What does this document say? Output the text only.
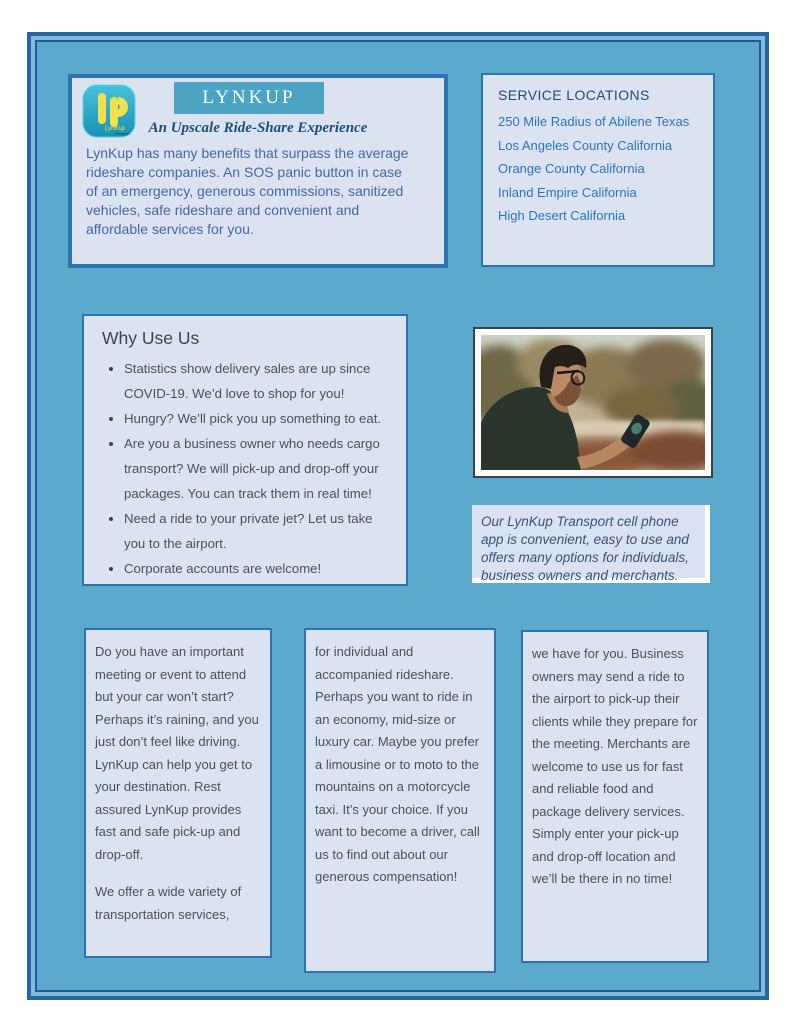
LynKup
Transport
LYNKUP
An Upscale Ride-Share Experience

LynKup has many benefits that surpass the average rideshare companies. An SOS panic button in case of an emergency, generous commissions, sanitized vehicles, safe rideshare and convenient and affordable services for you.

SERVICE LOCATIONS
250 Mile Radius of Abilene Texas
Los Angeles County California
Orange County California
Inland Empire California
High Desert California
Why Use Us
• Statistics show delivery sales are up since COVID-19. We’d love to shop for you!
• Hungry? We’ll pick you up something to eat.
• Are you a business owner who needs cargo transport? We will pick-up and drop-off your packages. You can track them in real time!
• Need a ride to your private jet? Let us take you to the airport.
• Corporate accounts are welcome!

Our LynKup Transport cell phone app is convenient, easy to use and offers many options for individuals, business owners and merchants.

Do you have an important meeting or event to attend but your car won’t start? Perhaps it’s raining, and you just don’t feel like driving. LynKup can help you get to your destination. Rest assured LynKup provides fast and safe pick-up and drop-off.

We offer a wide variety of transportation services,

for individual and accompanied rideshare. Perhaps you want to ride in an economy, mid-size or luxury car. Maybe you prefer a limousine or to moto to the mountains on a motorcycle taxi. It’s your choice. If you want to become a driver, call us to find out about our generous compensation!

we have for you. Business owners may send a ride to the airport to pick-up their clients while they prepare for the meeting. Merchants are welcome to use us for fast and reliable food and package delivery services. Simply enter your pick-up and drop-off location and we’ll be there in no time!
